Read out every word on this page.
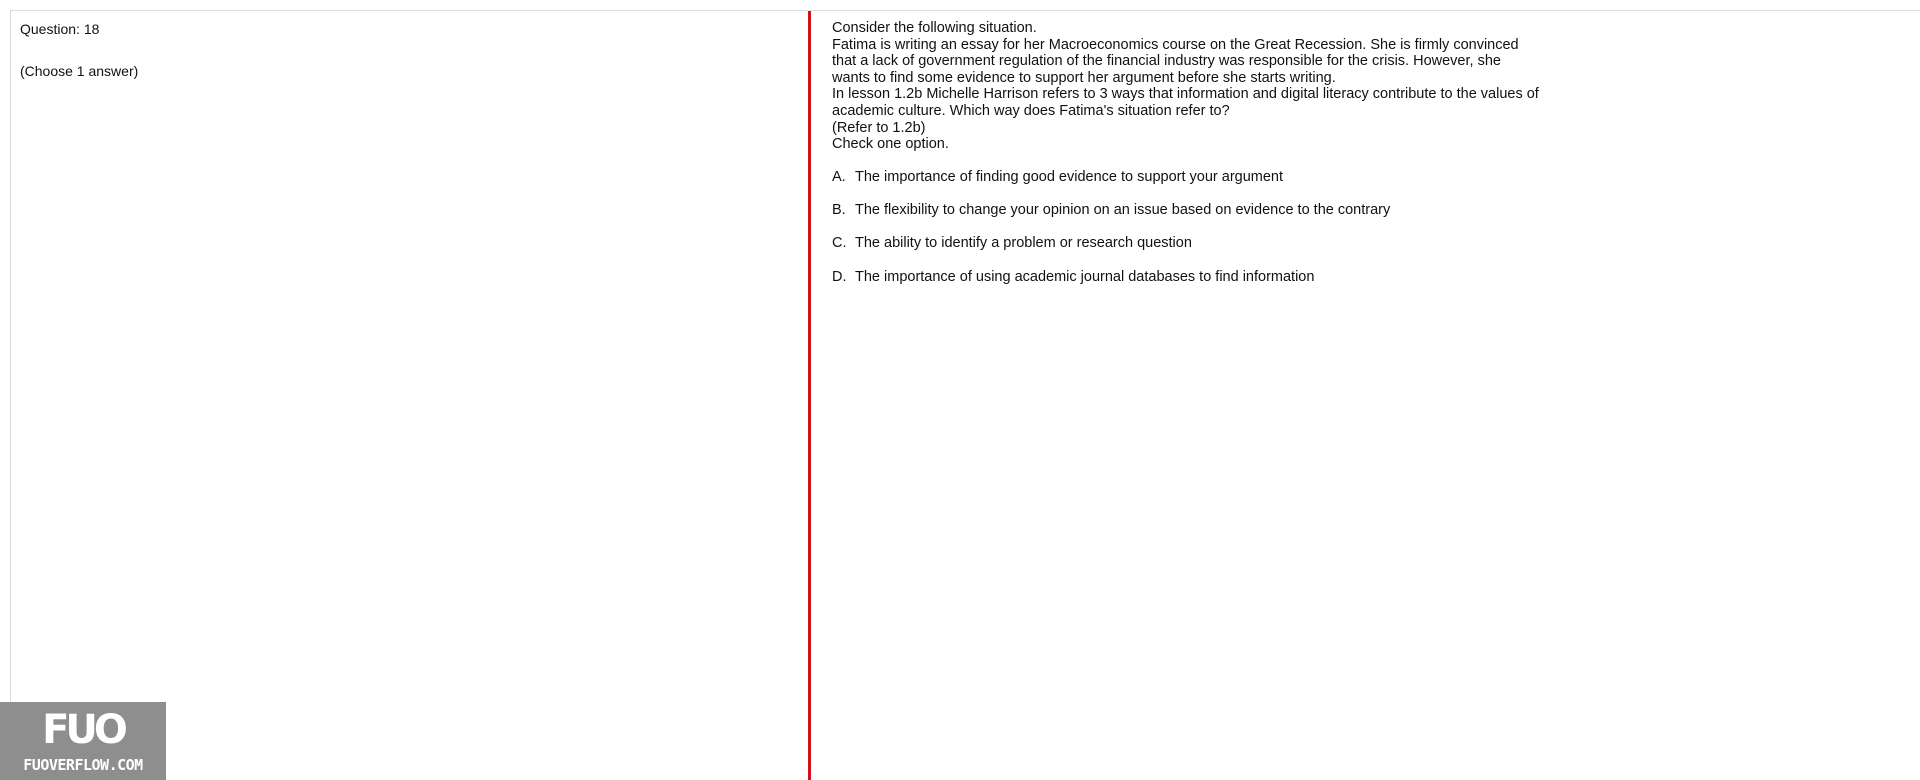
Question: 18
(Choose 1 answer)
Consider the following situation.
Fatima is writing an essay for her Macroeconomics course on the Great Recession. She is firmly convinced
that a lack of government regulation of the financial industry was responsible for the crisis. However, she
wants to find some evidence to support her argument before she starts writing.
In lesson 1.2b Michelle Harrison refers to 3 ways that information and digital literacy contribute to the values of
academic culture. Which way does Fatima's situation refer to?
(Refer to 1.2b)
Check one option.
A. The importance of finding good evidence to support your argument
B. The flexibility to change your opinion on an issue based on evidence to the contrary
C. The ability to identify a problem or research question
D. The importance of using academic journal databases to find information
FUO
FUOVERFLOW.COM
